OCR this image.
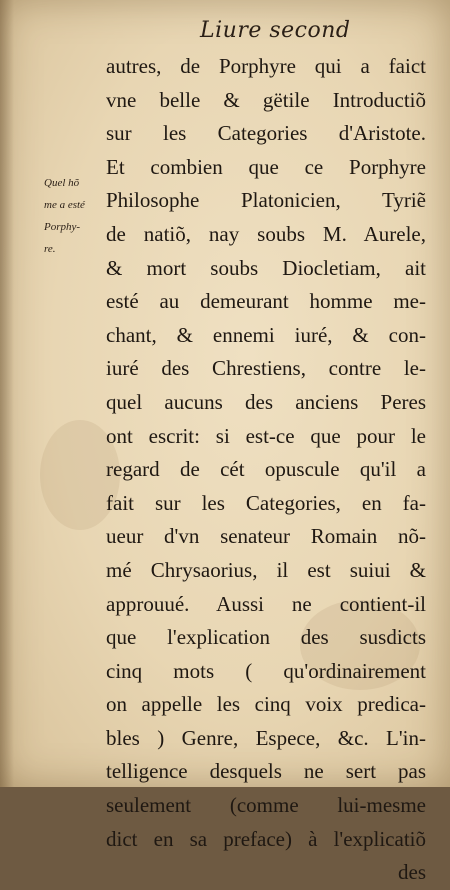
Liure second
Quel hõ
me a esté
Porphy-
re.
autres, de Porphyre qui a faict
vne belle & gëtile Introductiõ
sur les Categories d'Aristote.
Et combien que ce Porphyre
Philosophe Platonicien, Tyriẽ
de natiõ, nay soubs M. Aurele,
& mort soubs Diocletiam, ait
esté au demeurant homme me-
chant, & ennemi iuré, & con-
iuré des Chrestiens, contre le-
quel aucuns des anciens Peres
ont escrit: si est-ce que pour le
regard de cét opuscule qu'il a
fait sur les Categories, en fa-
ueur d'vn senateur Romain nõ-
mé Chrysaorius, il est suiui &
approuué. Aussi ne contient-il
que l'explication des susdicts
cinq mots ( qu'ordinairement
on appelle les cinq voix predica-
bles ) Genre, Espece, &c. L'in-
telligence desquels ne sert pas
seulement (comme lui-mesme
dict en sa preface) à l'explicatiõ
des
